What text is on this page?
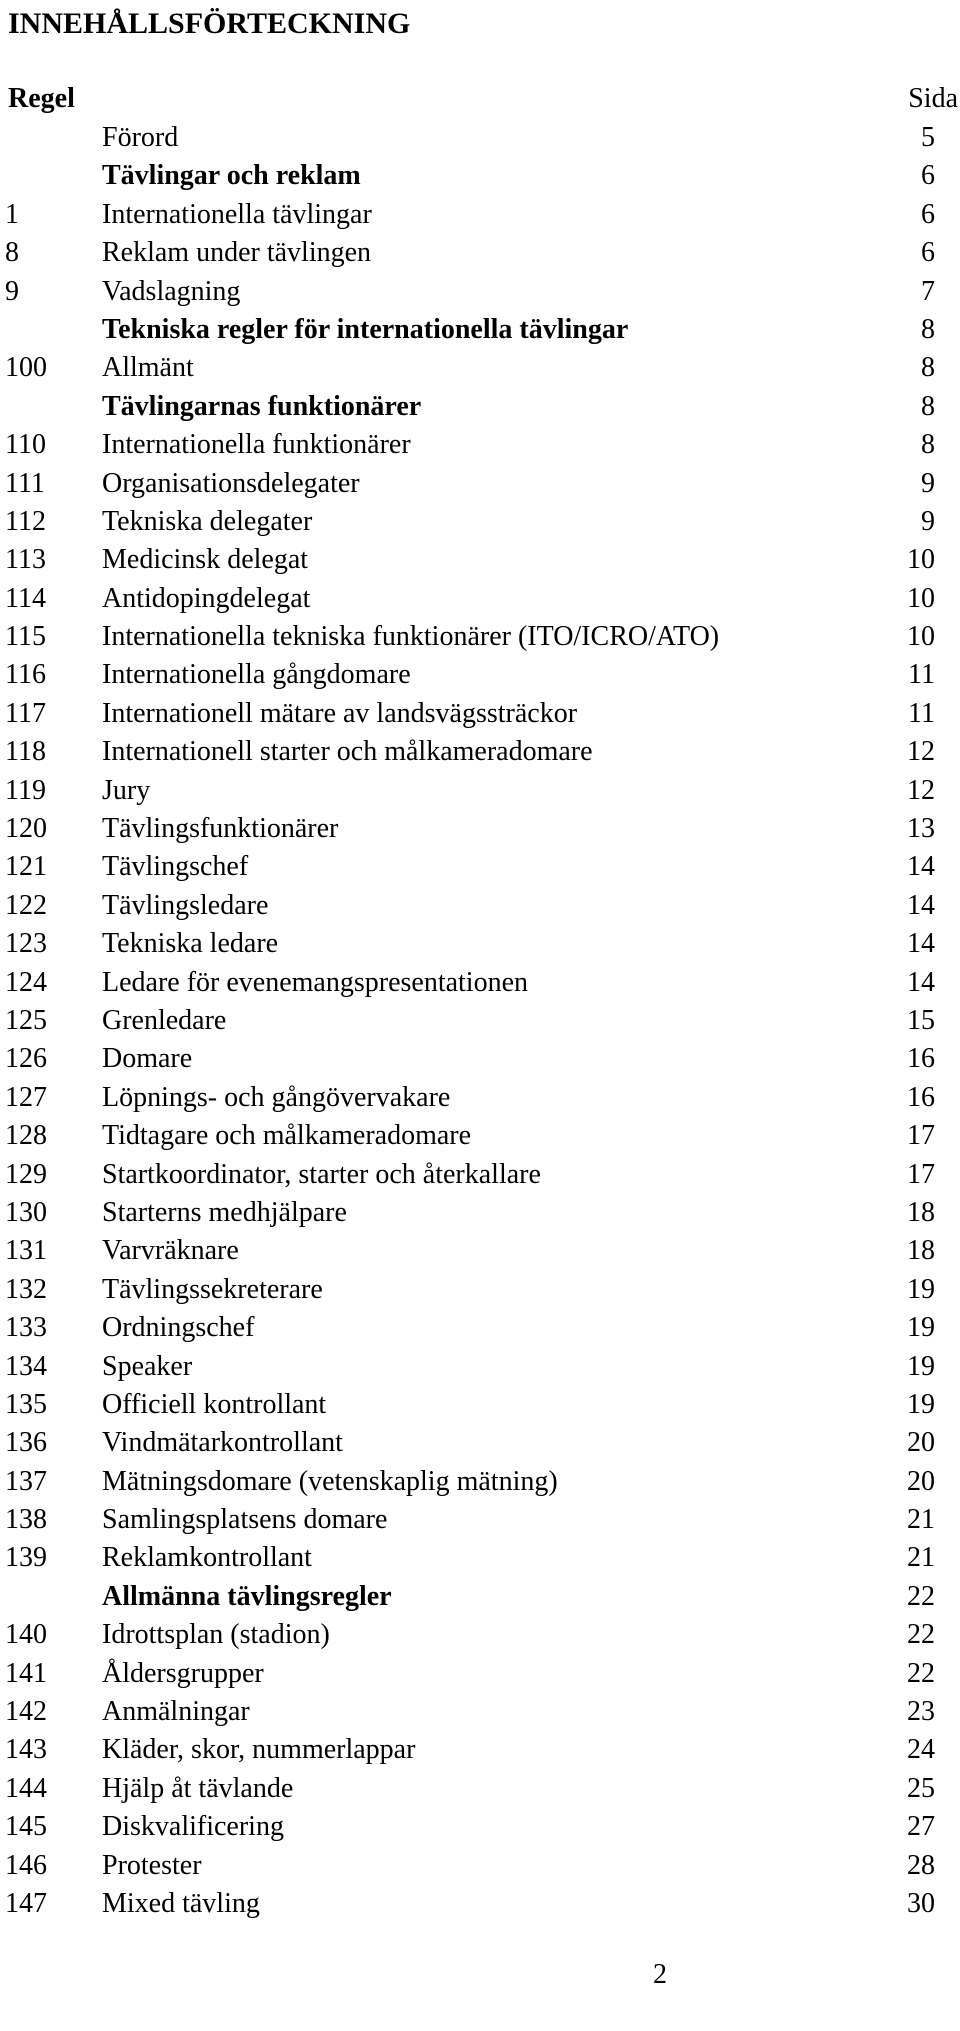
INNEHÅLLSFÖRTECKNING
Regel	Sida
Förord	5
Tävlingar och reklam	6
1	Internationella tävlingar	6
8	Reklam under tävlingen	6
9	Vadslagning	7
Tekniska regler för internationella tävlingar	8
100 Allmänt	8
Tävlingarnas funktionärer	8
110 Internationella funktionärer	8
111 Organisationsdelegater	9
112 Tekniska delegater	9
113 Medicinsk delegat	10
114 Antidopingdelegat	10
115 Internationella tekniska funktionärer (ITO/ICRO/ATO)	10
116 Internationella gångdomare	11
117 Internationell mätare av landsvägssträckor	11
118 Internationell starter och målkameradomare	12
119 Jury	12
120 Tävlingsfunktionärer	13
121 Tävlingschef	14
122 Tävlingsledare	14
123 Tekniska ledare	14
124 Ledare för evenemangspresentationen	14
125 Grenledare	15
126 Domare	16
127 Löpnings- och gångövervakare	16
128 Tidtagare och målkameradomare	17
129 Startkoordinator, starter och återkallare	17
130 Starterns medhjälpare	18
131 Varvräknare	18
132 Tävlingssekreterare	19
133 Ordningschef	19
134 Speaker	19
135 Officiell kontrollant	19
136 Vindmätarkontrollant	20
137 Mätningsdomare (vetenskaplig mätning)	20
138 Samlingsplatsens domare	21
139 Reklamkontrollant	21
Allmänna tävlingsregler	22
140 Idrottsplan (stadion)	22
141 Åldersgrupper	22
142 Anmälningar	23
143 Kläder, skor, nummerlappar	24
144 Hjälp åt tävlande	25
145 Diskvalificering	27
146 Protester	28
147 Mixed tävling	30
2
